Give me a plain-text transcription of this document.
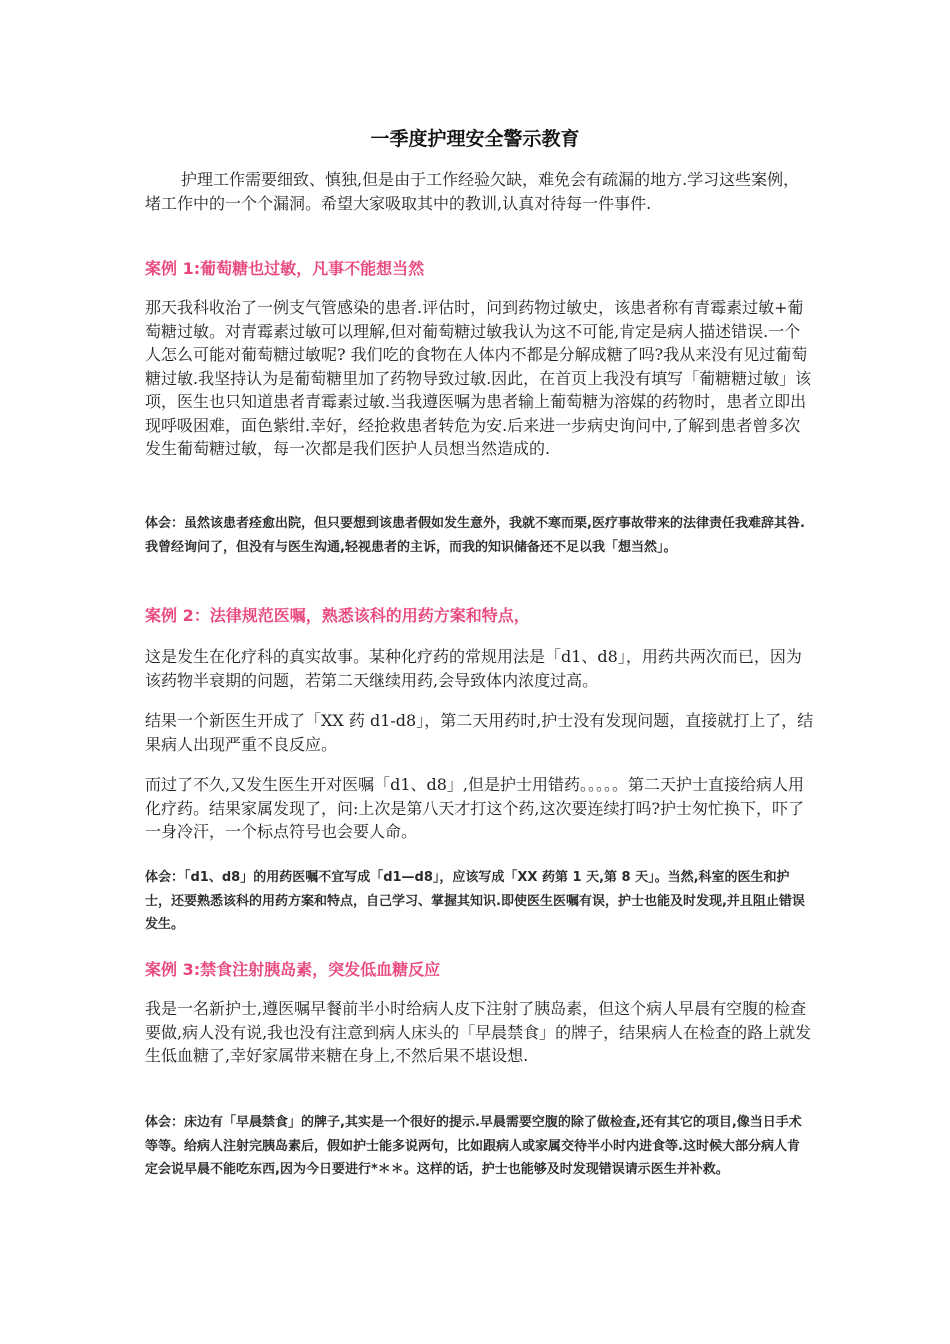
一季度护理安全警示教育

护理工作需要细致、慎独,但是由于工作经验欠缺，难免会有疏漏的地方.学习这些案例，堵工作中的一个个漏洞。希望大家吸取其中的教训,认真对待每一件事件.

案例 1:葡萄糖也过敏，凡事不能想当然

那天我科收治了一例支气管感染的患者.评估时，问到药物过敏史，该患者称有青霉素过敏+葡萄糖过敏。对青霉素过敏可以理解,但对葡萄糖过敏我认为这不可能,肯定是病人描述错误.一个人怎么可能对葡萄糖过敏呢? 我们吃的食物在人体内不都是分解成糖了吗?我从来没有见过葡萄糖过敏.我坚持认为是葡萄糖里加了药物导致过敏.因此，在首页上我没有填写「葡糖糖过敏」该项，医生也只知道患者青霉素过敏.当我遵医嘱为患者输上葡萄糖为溶媒的药物时，患者立即出现呼吸困难，面色紫绀.幸好，经抢救患者转危为安.后来进一步病史询问中,了解到患者曾多次发生葡萄糖过敏，每一次都是我们医护人员想当然造成的.

体会：虽然该患者痊愈出院，但只要想到该患者假如发生意外，我就不寒而栗,医疗事故带来的法律责任我难辞其咎.我曾经询问了，但没有与医生沟通,轻视患者的主诉，而我的知识储备还不足以我「想当然」。

案例 2：法律规范医嘱，熟悉该科的用药方案和特点，

这是发生在化疗科的真实故事。某种化疗药的常规用法是「d1、d8」，用药共两次而已，因为该药物半衰期的问题，若第二天继续用药,会导致体内浓度过高。

结果一个新医生开成了「XX 药 d1-d8」，第二天用药时,护士没有发现问题，直接就打上了，结果病人出现严重不良反应。

而过了不久,又发生医生开对医嘱「d1、d8」,但是护士用错药。。。。。第二天护士直接给病人用化疗药。结果家属发现了，问:上次是第八天才打这个药,这次要连续打吗?护士匆忙换下，吓了一身冷汗，一个标点符号也会要人命。

体会：「d1、d8」的用药医嘱不宜写成「d1—d8」，应该写成「XX 药第 1 天,第 8 天」。当然,科室的医生和护士，还要熟悉该科的用药方案和特点，自己学习、掌握其知识.即使医生医嘱有误，护士也能及时发现,并且阻止错误发生。

案例 3:禁食注射胰岛素，突发低血糖反应

我是一名新护士,遵医嘱早餐前半小时给病人皮下注射了胰岛素，但这个病人早晨有空腹的检查要做,病人没有说,我也没有注意到病人床头的「早晨禁食」的牌子，结果病人在检查的路上就发生低血糖了,幸好家属带来糖在身上,不然后果不堪设想.

体会：床边有「早晨禁食」的牌子,其实是一个很好的提示.早晨需要空腹的除了做检查,还有其它的项目,像当日手术等等。给病人注射完胰岛素后，假如护士能多说两句，比如跟病人或家属交待半小时内进食等.这时候大部分病人肯定会说早晨不能吃东西,因为今日要进行*＊＊。这样的话，护士也能够及时发现错误请示医生并补救。
